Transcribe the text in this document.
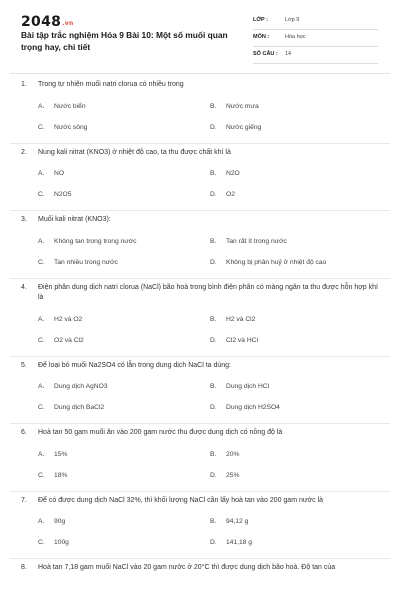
2048.vn
Bài tập trắc nghiệm Hóa 9 Bài 10: Một số muối quan trọng hay, chi tiết
LỚP :	Lớp 9
MÔN :	Hóa học
SỐ CÂU : 14
1.	Trong tự nhiên muối natri clorua có nhiều trong
A.	Nước biển	B.	Nước mưa
C.	Nước sông	D.	Nước giếng
2.	Nung kali nitrat (KNO3) ở nhiệt độ cao, ta thu được chất khí là
A.	NO	B.	N2O
C.	N2O5	D.	O2
3.	Muối kali nitrat (KNO3):
A.	Không tan trong trong nước	B.	Tan rất ít trong nước
C.	Tan nhiều trong nước	D.	Không bị phân huỷ ở nhiệt độ cao
4.	Điện phân dung dịch natri clorua (NaCl) bão hoà trong bình điện phân có màng ngăn ta thu được hỗn hợp khí là
A.	H2 và O2	B.	H2 và Cl2
C.	O2 và Cl2	D.	Cl2 và HCl
5.	Để loại bỏ muối Na2SO4 có lẫn trong dung dịch NaCl ta dùng:
A.	Dung dịch AgNO3	B.	Dung dịch HCl
C.	Dung dịch BaCl2	D.	Dung dịch H2SO4
6.	Hoà tan 50 gam muối ăn vào 200 gam nước thu được dung dịch có nồng độ là
A.	15%	B.	20%
C.	18%	D.	25%
7.	Để có được dung dịch NaCl 32%, thì khối lượng NaCl cần lấy hoà tan vào 200 gam nước là
A.	90g	B.	94,12 g
C.	100g	D.	141,18 g
8.	Hoà tan 7,18 gam muối NaCl vào 20 gam nước ở 20°C thì được dung dịch bão hoà. Độ tan của
